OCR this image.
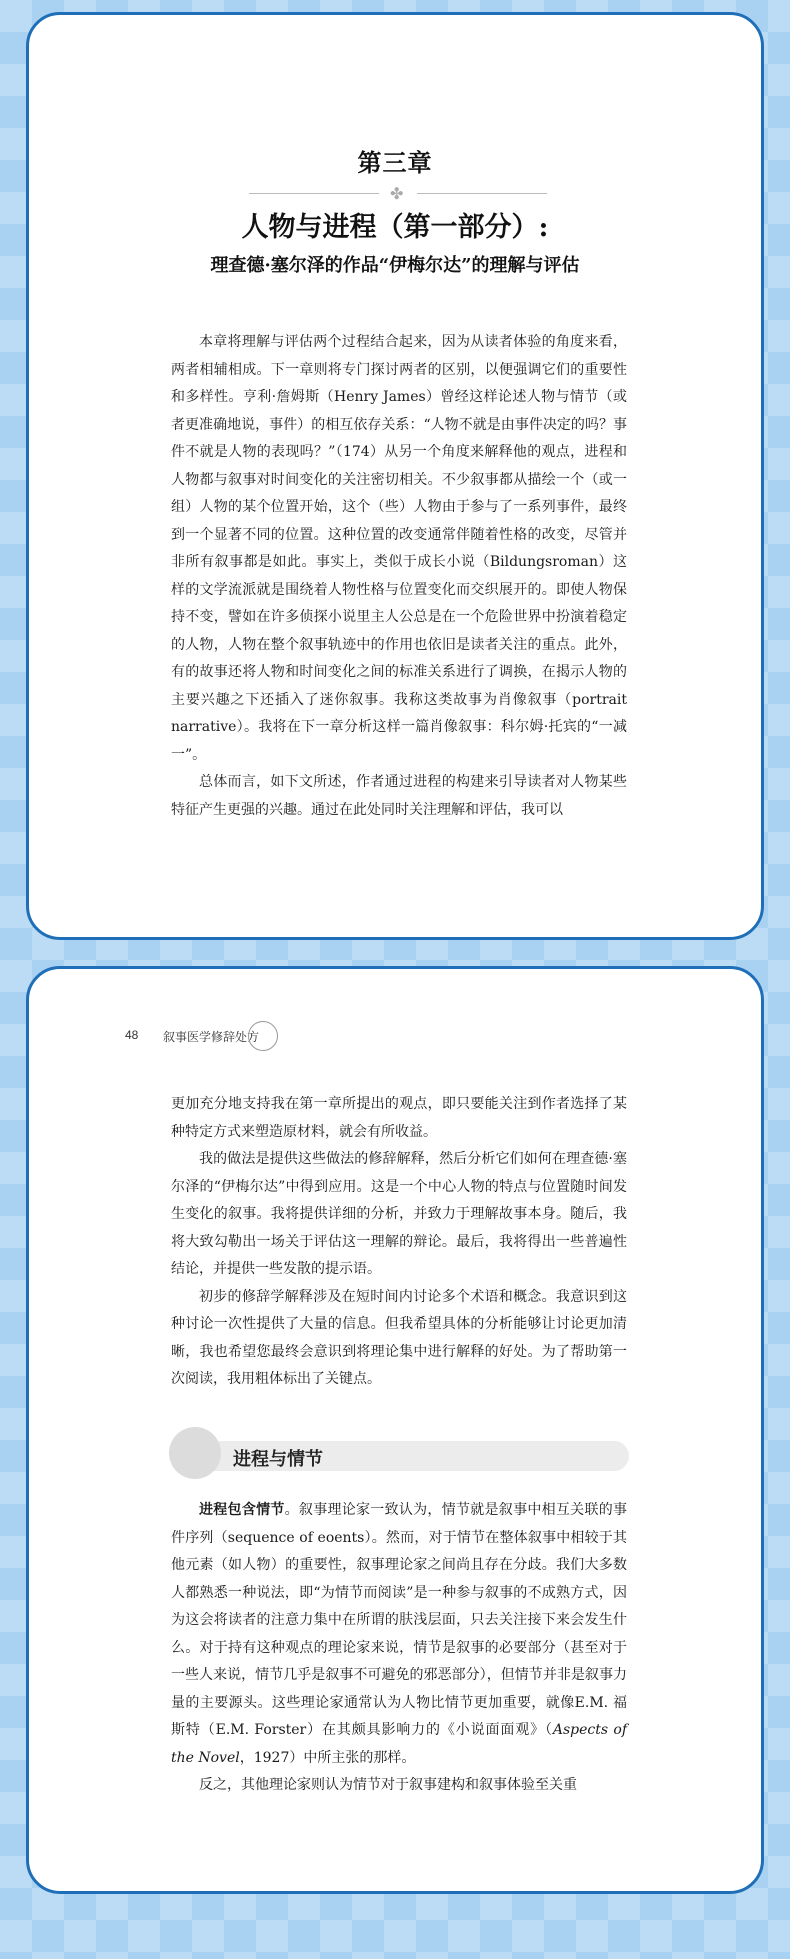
第三章
✤
人物与进程（第一部分）:
理查德·塞尔泽的作品“伊梅尔达”的理解与评估

本章将理解与评估两个过程结合起来，因为从读者体验的角度来看，两者相辅相成。下一章则将专门探讨两者的区别，以便强调它们的重要性和多样性。亨利·詹姆斯（Henry James）曾经这样论述人物与情节（或者更准确地说，事件）的相互依存关系：“人物不就是由事件决定的吗？事件不就是人物的表现吗？”（174）从另一个角度来解释他的观点，进程和人物都与叙事对时间变化的关注密切相关。不少叙事都从描绘一个（或一组）人物的某个位置开始，这个（些）人物由于参与了一系列事件，最终到一个显著不同的位置。这种位置的改变通常伴随着性格的改变，尽管并非所有叙事都是如此。事实上，类似于成长小说（Bildungsroman）这样的文学流派就是围绕着人物性格与位置变化而交织展开的。即使人物保持不变，譬如在许多侦探小说里主人公总是在一个危险世界中扮演着稳定的人物，人物在整个叙事轨迹中的作用也依旧是读者关注的重点。此外，有的故事还将人物和时间变化之间的标准关系进行了调换，在揭示人物的主要兴趣之下还插入了迷你叙事。我称这类故事为肖像叙事（portrait narrative）。我将在下一章分析这样一篇肖像叙事：科尔姆·托宾的“一减一”。

总体而言，如下文所述，作者通过进程的构建来引导读者对人物某些特征产生更强的兴趣。通过在此处同时关注理解和评估，我可以

48 叙事医学修辞处方

更加充分地支持我在第一章所提出的观点，即只要能关注到作者选择了某种特定方式来塑造原材料，就会有所收益。

我的做法是提供这些做法的修辞解释，然后分析它们如何在理查德·塞尔泽的“伊梅尔达”中得到应用。这是一个中心人物的特点与位置随时间发生变化的叙事。我将提供详细的分析，并致力于理解故事本身。随后，我将大致勾勒出一场关于评估这一理解的辩论。最后，我将得出一些普遍性结论，并提供一些发散的提示语。

初步的修辞学解释涉及在短时间内讨论多个术语和概念。我意识到这种讨论一次性提供了大量的信息。但我希望具体的分析能够让讨论更加清晰，我也希望您最终会意识到将理论集中进行解释的好处。为了帮助第一次阅读，我用粗体标出了关键点。

进程与情节

进程包含情节。叙事理论家一致认为，情节就是叙事中相互关联的事件序列（sequence of eoents）。然而，对于情节在整体叙事中相较于其他元素（如人物）的重要性，叙事理论家之间尚且存在分歧。我们大多数人都熟悉一种说法，即“为情节而阅读”是一种参与叙事的不成熟方式，因为这会将读者的注意力集中在所谓的肤浅层面，只去关注接下来会发生什么。对于持有这种观点的理论家来说，情节是叙事的必要部分（甚至对于一些人来说，情节几乎是叙事不可避免的邪恶部分），但情节并非是叙事力量的主要源头。这些理论家通常认为人物比情节更加重要，就像E.M. 福斯特（E.M. Forster）在其颇具影响力的《小说面面观》（Aspects of the Novel，1927）中所主张的那样。

反之，其他理论家则认为情节对于叙事建构和叙事体验至关重
